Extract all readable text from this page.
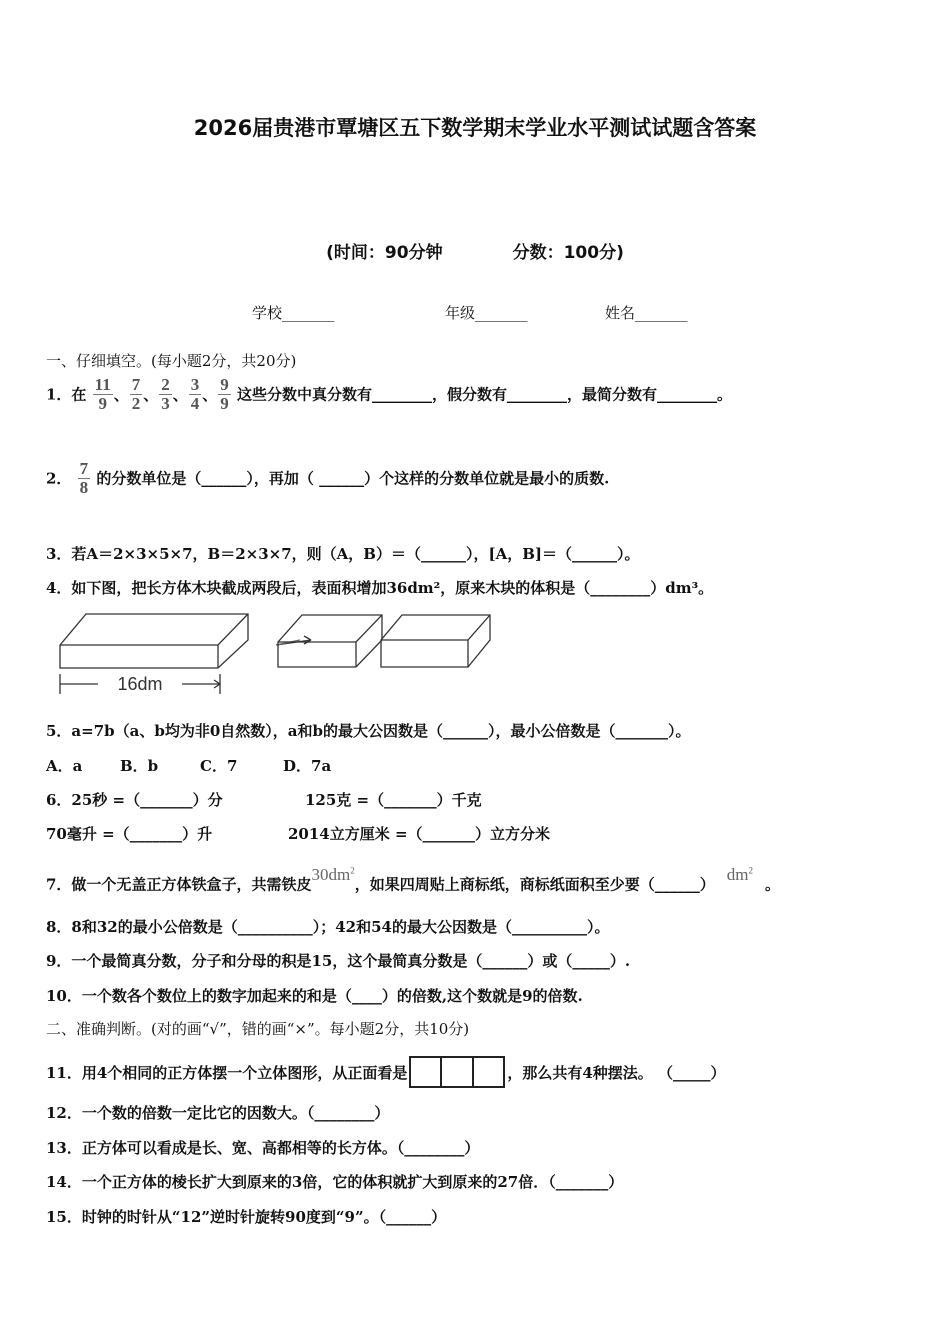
2026届贵港市覃塘区五下数学期末学业水平测试试题含答案
(时间：90分钟	分数：100分)
学校_______	年级_______	姓名_______
一、仔细填空。(每小题2分，共20分)
1．在 $\frac{11}{9}$ 、 $\frac{7}{2}$ 、 $\frac{2}{3}$ 、 $\frac{3}{4}$ 、 $\frac{9}{9}$ 这些分数中真分数有________，假分数有________，最简分数有________。
2． $\frac{7}{8}$ 的分数单位是（______），再加（ ______）个这样的分数单位就是最小的质数.
3．若A＝2×3×5×7，B＝2×3×7，则（A，B）＝（______），[A，B]＝（______）。
4．如下图，把长方体木块截成两段后，表面积增加36dm²，原来木块的体积是（________）dm³。
16dm
5．a=7b（a、b均为非0自然数），a和b的最大公因数是（______），最小公倍数是（_______）。
A．a	B．b	C．7	D．7a
6．25秒 =（_______）分	125克 =（_______）千克
70毫升 =（_______）升	2014立方厘米 =（_______）立方分米
7．做一个无盖正方体铁盒子，共需铁皮$30dm^2$，如果四周贴上商标纸，商标纸面积至少要$(\_\_\_\_\_\_)dm^2$。
8．8和32的最小公倍数是（__________）；42和54的最大公因数是（__________）。
9．一个最简真分数，分子和分母的积是15，这个最简真分数是（______）或（_____）.
10．一个数各个数位上的数字加起来的和是（____）的倍数,这个数就是9的倍数.
二、准确判断。(对的画“√”，错的画“×”。每小题2分，共10分)
11．用4个相同的正方体摆一个立体图形，从正面看是	，那么共有4种摆法。 （_____）
12．一个数的倍数一定比它的因数大。（________）
13．正方体可以看成是长、宽、高都相等的长方体。（________）
14．一个正方体的棱长扩大到原来的3倍，它的体积就扩大到原来的27倍．（_______）
15．时钟的时针从“12”逆时针旋转90度到“9”。（______）
